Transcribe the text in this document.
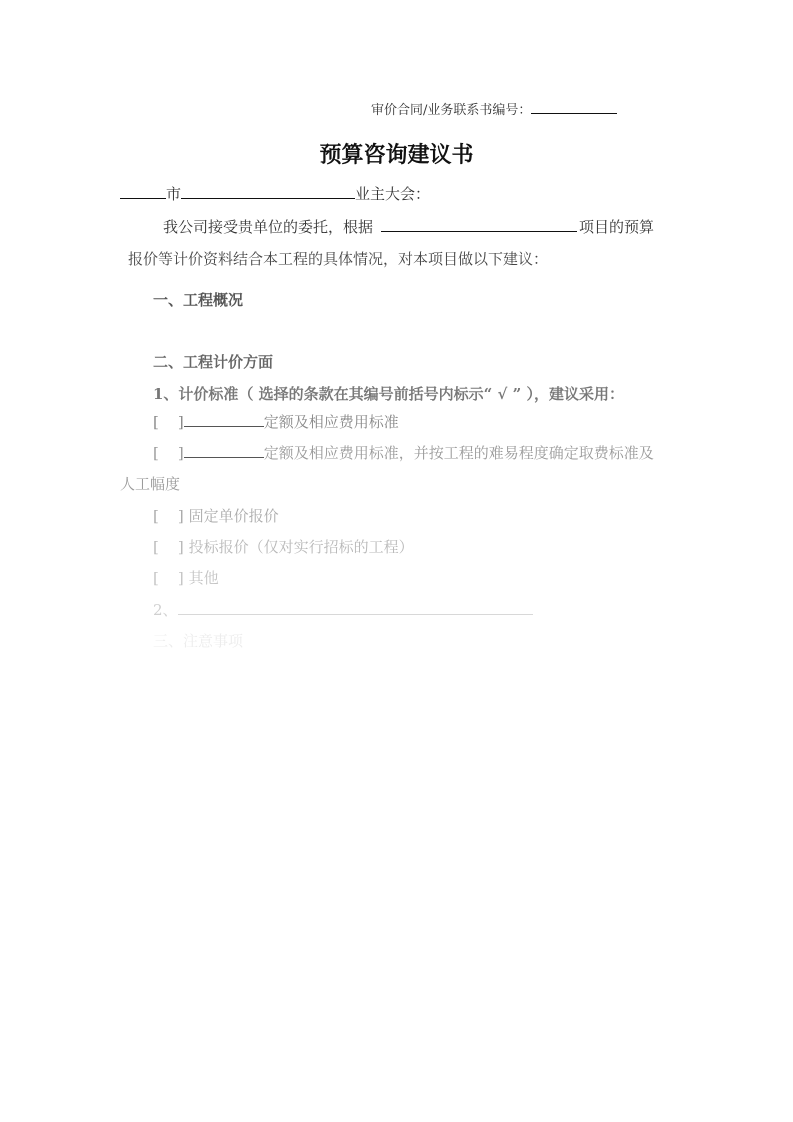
审价合同/业务联系书编号：
预算咨询建议书
市	业主大会：
我公司接受贵单位的委托，根据	项目的预算
报价等计价资料结合本工程的具体情况，对本项目做以下建议：
一、工程概况
二、工程计价方面
1、计价标准（ 选择的条款在其编号前括号内标示“ √ ” ），建议采用：
[    ]	定额及相应费用标准
[    ]	定额及相应费用标准，并按工程的难易程度确定取费标准及
人工幅度
[    ] 固定单价报价
[    ] 投标报价（仅对实行招标的工程）
[    ] 其他
2、
三、注意事项
